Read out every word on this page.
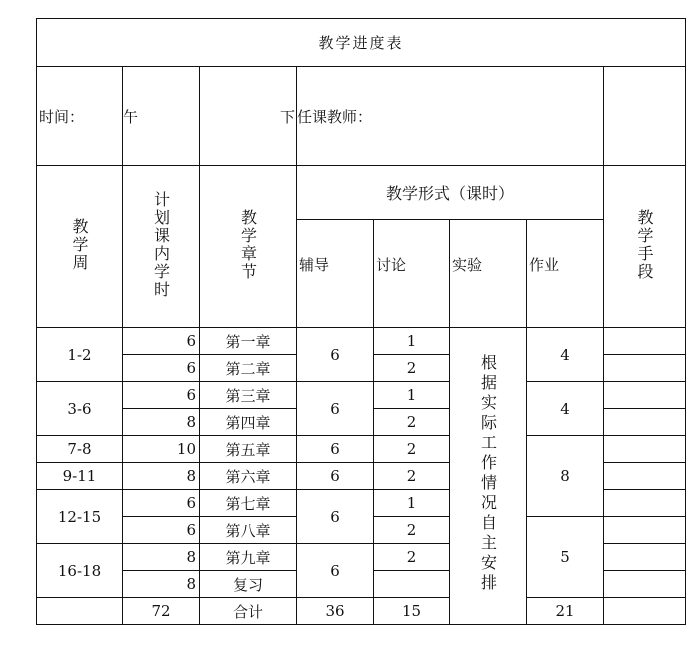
教学进度表							
时间：	午	下	任课教师：				
教学周	计划课内学时	教学章节	教学形式（课时）				教学手段
			辅导	讨论	实验	作业	
1-2	6	第一章	6	1	根据实际工作情况自主安排	4	
	6	第二章		2			
3-6	6	第三章	6	1		4	
	8	第四章		2			
7-8	10	第五章	6	2		8	
9-11	8	第六章	6	2			
12-15	6	第七章	6	1			
	6	第八章		2		5	
16-18	8	第九章	6	2			
	8	复习					
	72	合计	36	15		21	
